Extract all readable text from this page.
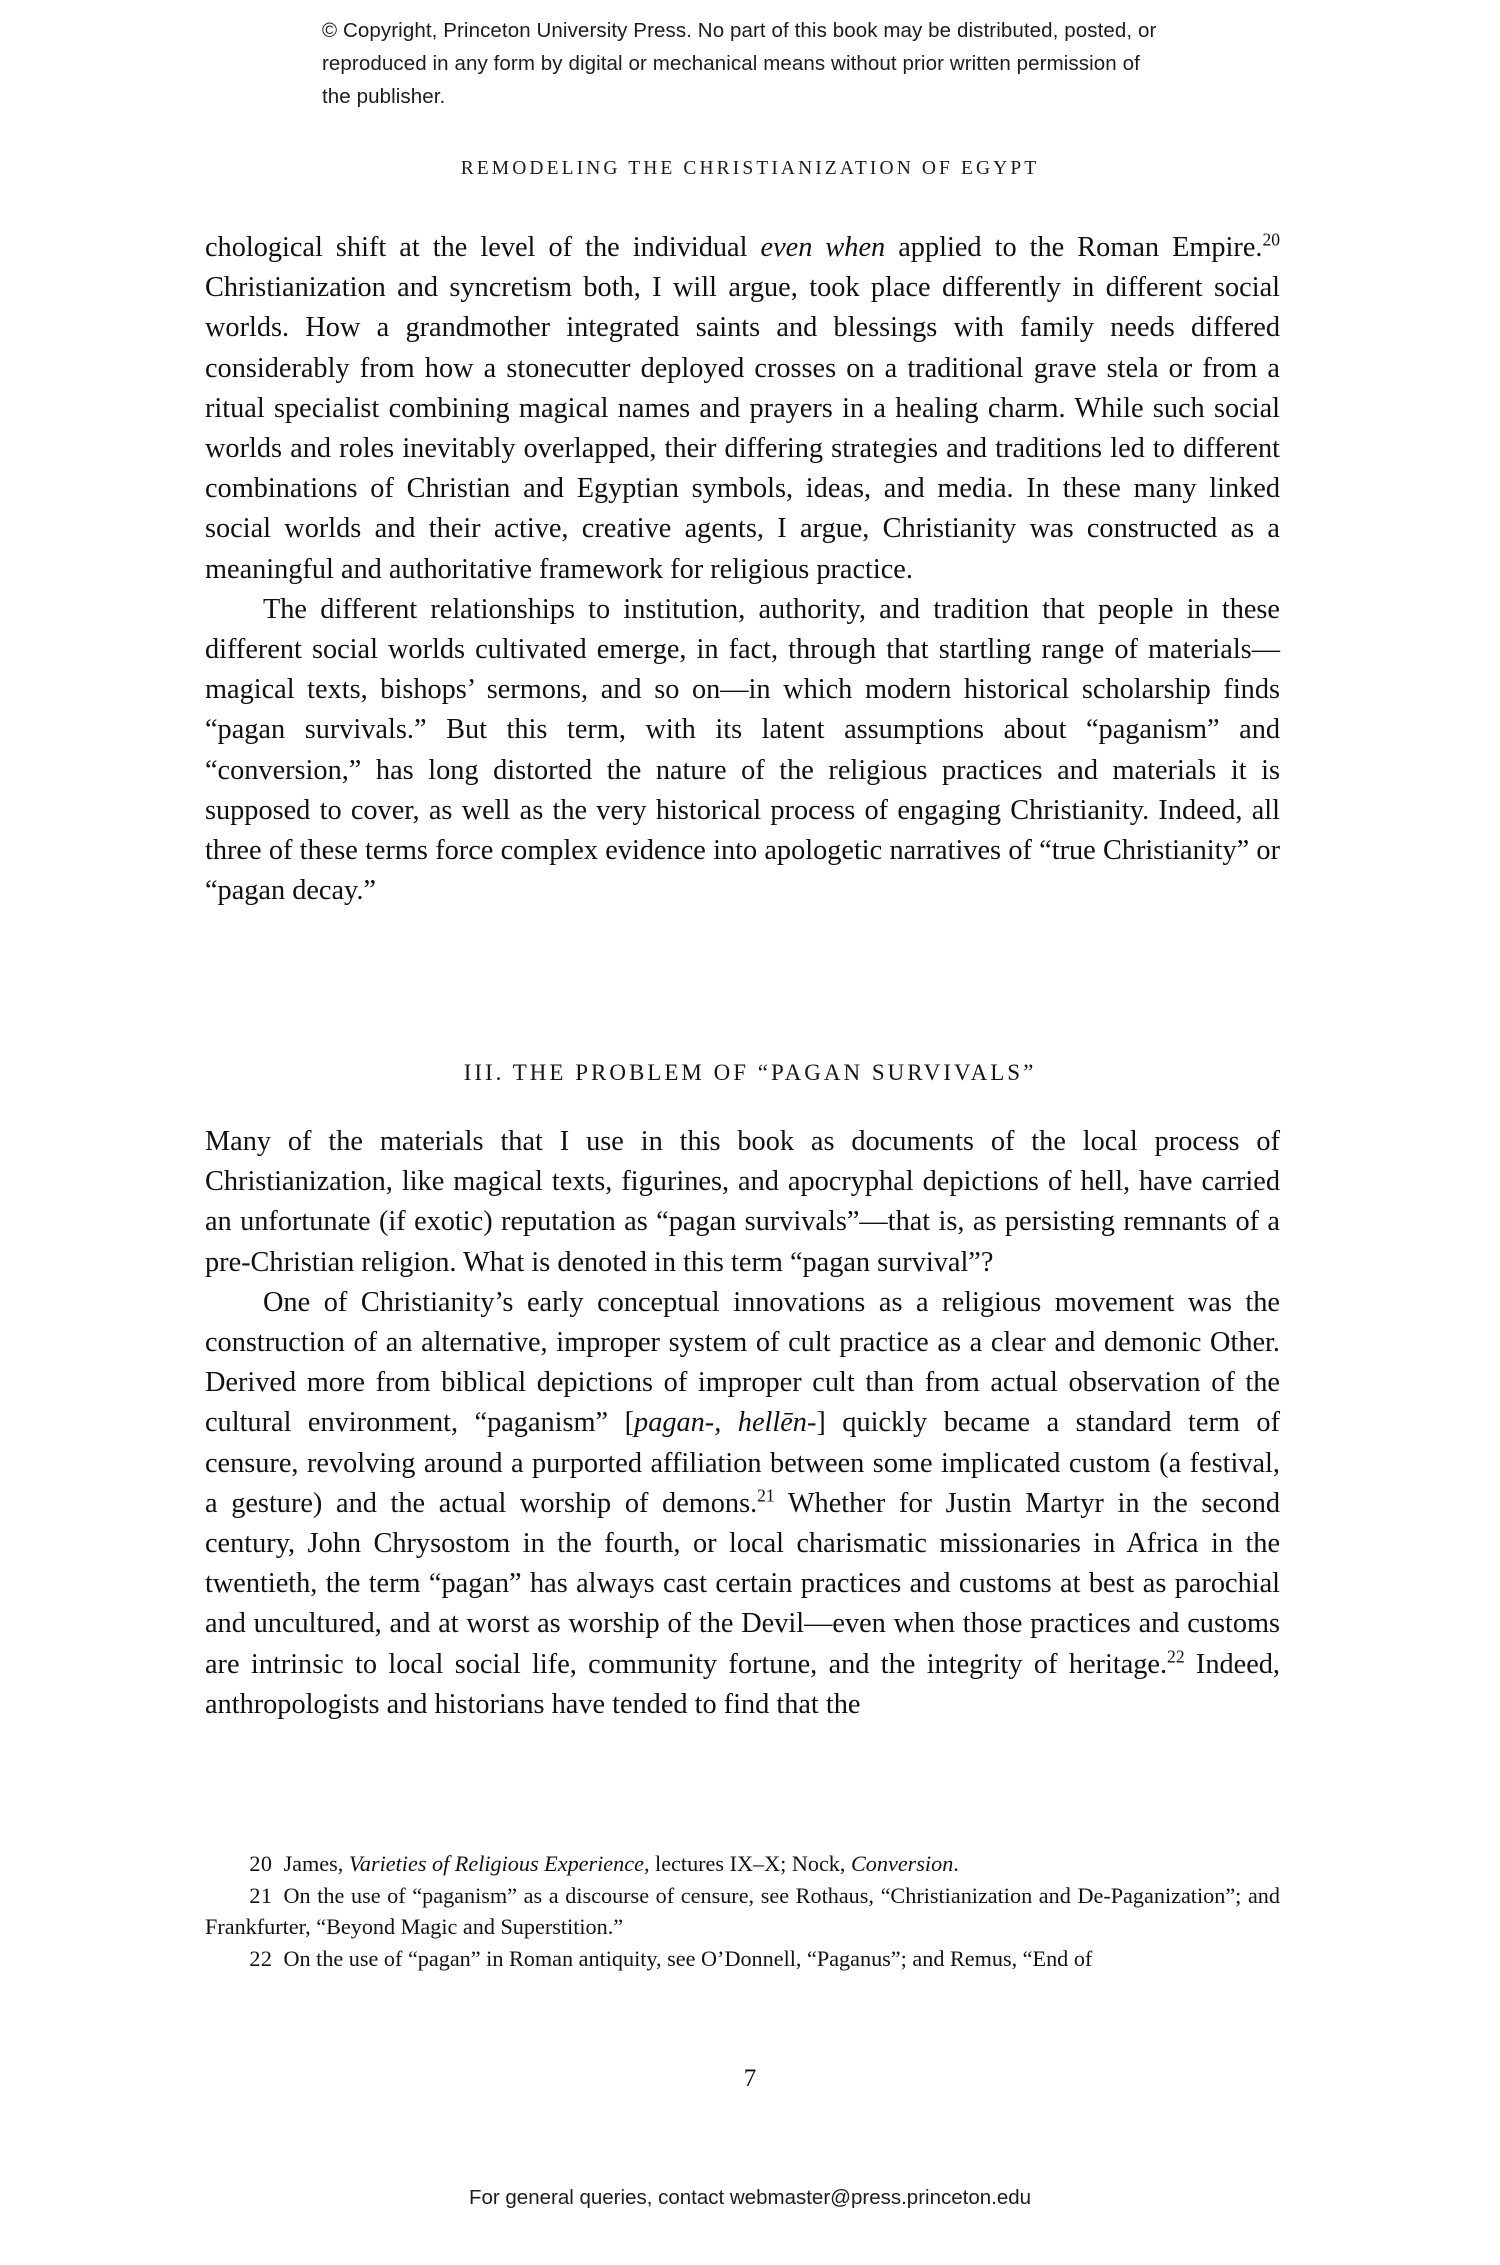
© Copyright, Princeton University Press. No part of this book may be distributed, posted, or reproduced in any form by digital or mechanical means without prior written permission of the publisher.
REMODELING THE CHRISTIANIZATION OF EGYPT

chological shift at the level of the individual even when applied to the Roman Empire.$^{20}$ Christianization and syncretism both, I will argue, took place differently in different social worlds. How a grandmother integrated saints and blessings with family needs differed considerably from how a stonecutter deployed crosses on a traditional grave stela or from a ritual specialist combining magical names and prayers in a healing charm. While such social worlds and roles inevitably overlapped, their differing strategies and traditions led to different combinations of Christian and Egyptian symbols, ideas, and media. In these many linked social worlds and their active, creative agents, I argue, Christianity was constructed as a meaningful and authoritative framework for religious practice.

The different relationships to institution, authority, and tradition that people in these different social worlds cultivated emerge, in fact, through that startling range of materials—magical texts, bishops’ sermons, and so on—in which modern historical scholarship finds “pagan survivals.” But this term, with its latent assumptions about “paganism” and “conversion,” has long distorted the nature of the religious practices and materials it is supposed to cover, as well as the very historical process of engaging Christianity. Indeed, all three of these terms force complex evidence into apologetic narratives of “true Christianity” or “pagan decay.”

III. THE PROBLEM OF “PAGAN SURVIVALS”

Many of the materials that I use in this book as documents of the local process of Christianization, like magical texts, figurines, and apocryphal depictions of hell, have carried an unfortunate (if exotic) reputation as “pagan survivals”—that is, as persisting remnants of a pre-Christian religion. What is denoted in this term “pagan survival”?

One of Christianity’s early conceptual innovations as a religious movement was the construction of an alternative, improper system of cult practice as a clear and demonic Other. Derived more from biblical depictions of improper cult than from actual observation of the cultural environment, “paganism” [pagan-, hellēn-] quickly became a standard term of censure, revolving around a purported affiliation between some implicated custom (a festival, a gesture) and the actual worship of demons.$^{21}$ Whether for Justin Martyr in the second century, John Chrysostom in the fourth, or local charismatic missionaries in Africa in the twentieth, the term “pagan” has always cast certain practices and customs at best as parochial and uncultured, and at worst as worship of the Devil—even when those practices and customs are intrinsic to local social life, community fortune, and the integrity of heritage.$^{22}$ Indeed, anthropologists and historians have tended to find that the

20 James, Varieties of Religious Experience, lectures IX–X; Nock, Conversion.

21 On the use of “paganism” as a discourse of censure, see Rothaus, “Christianization and De-Paganization”; and Frankfurter, “Beyond Magic and Superstition.”

22 On the use of “pagan” in Roman antiquity, see O’Donnell, “Paganus”; and Remus, “End of

7
For general queries, contact webmaster@press.princeton.edu
